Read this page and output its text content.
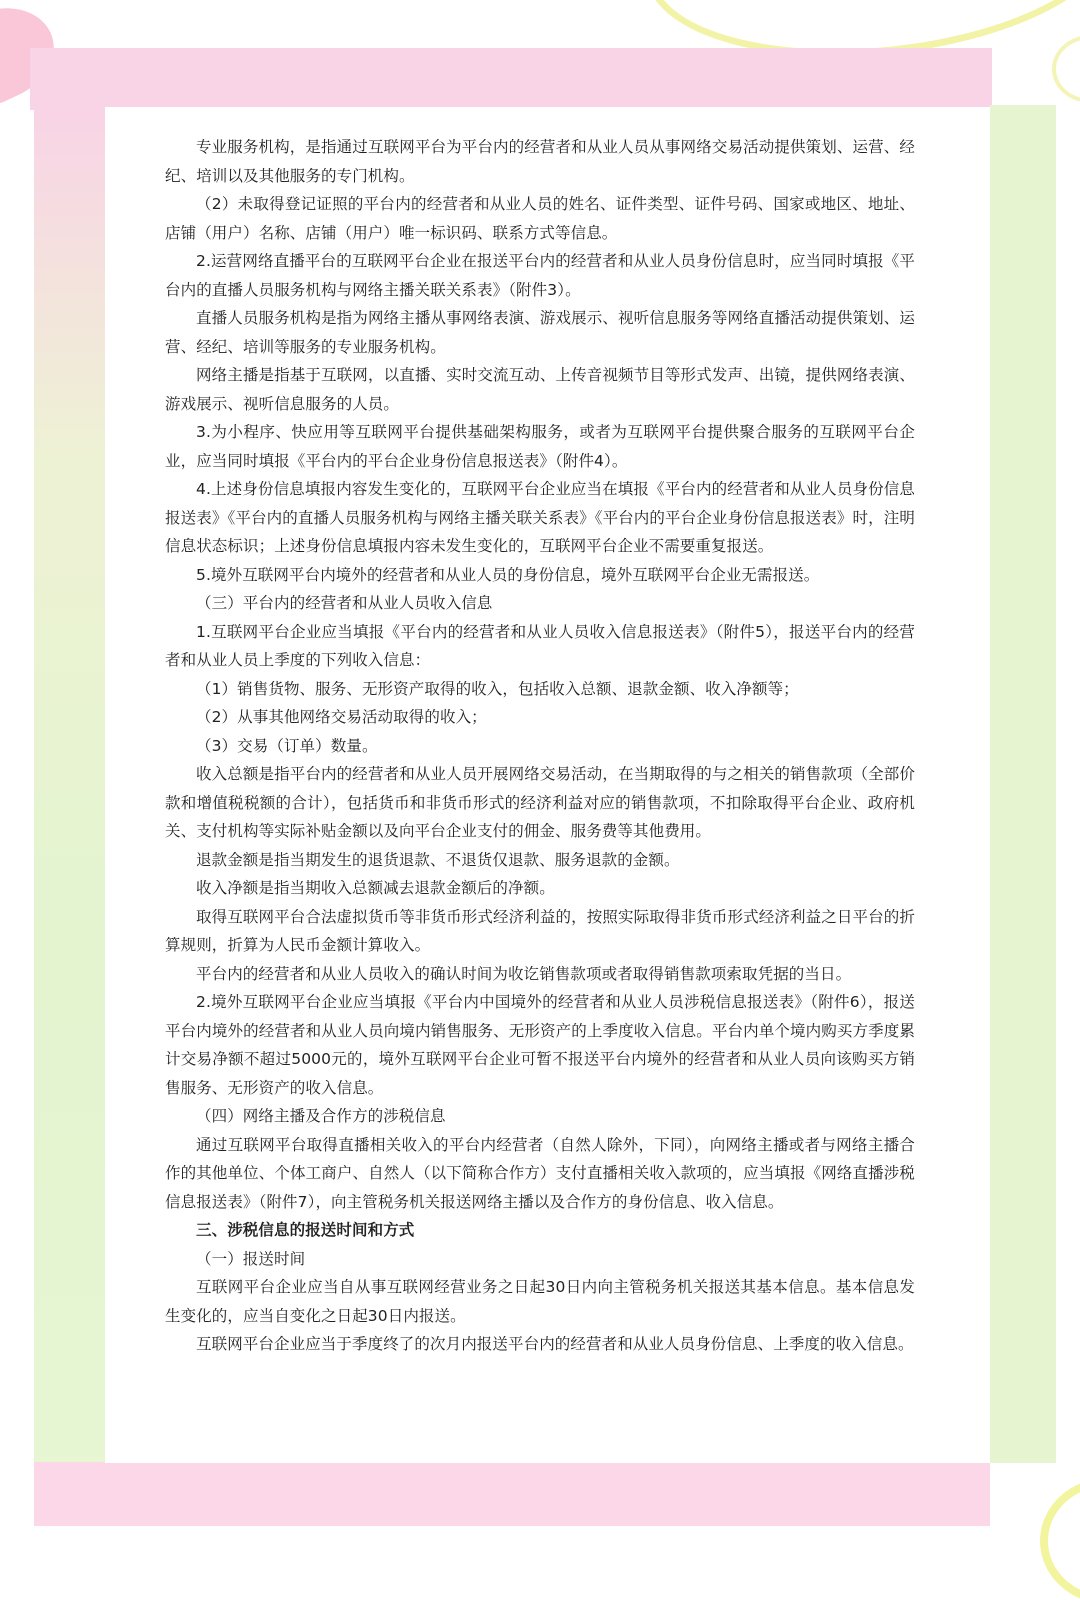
专业服务机构，是指通过互联网平台为平台内的经营者和从业人员从事网络交易活动提供策划、运营、经纪、培训以及其他服务的专门机构。

（2）未取得登记证照的平台内的经营者和从业人员的姓名、证件类型、证件号码、国家或地区、地址、店铺（用户）名称、店铺（用户）唯一标识码、联系方式等信息。

2.运营网络直播平台的互联网平台企业在报送平台内的经营者和从业人员身份信息时，应当同时填报《平台内的直播人员服务机构与网络主播关联关系表》（附件3）。

直播人员服务机构是指为网络主播从事网络表演、游戏展示、视听信息服务等网络直播活动提供策划、运营、经纪、培训等服务的专业服务机构。

网络主播是指基于互联网，以直播、实时交流互动、上传音视频节目等形式发声、出镜，提供网络表演、游戏展示、视听信息服务的人员。

3.为小程序、快应用等互联网平台提供基础架构服务，或者为互联网平台提供聚合服务的互联网平台企业，应当同时填报《平台内的平台企业身份信息报送表》（附件4）。

4.上述身份信息填报内容发生变化的，互联网平台企业应当在填报《平台内的经营者和从业人员身份信息报送表》《平台内的直播人员服务机构与网络主播关联关系表》《平台内的平台企业身份信息报送表》时，注明信息状态标识；上述身份信息填报内容未发生变化的，互联网平台企业不需要重复报送。

5.境外互联网平台内境外的经营者和从业人员的身份信息，境外互联网平台企业无需报送。

（三）平台内的经营者和从业人员收入信息

1.互联网平台企业应当填报《平台内的经营者和从业人员收入信息报送表》（附件5），报送平台内的经营者和从业人员上季度的下列收入信息：

（1）销售货物、服务、无形资产取得的收入，包括收入总额、退款金额、收入净额等；

（2）从事其他网络交易活动取得的收入；

（3）交易（订单）数量。

收入总额是指平台内的经营者和从业人员开展网络交易活动，在当期取得的与之相关的销售款项（全部价款和增值税税额的合计），包括货币和非货币形式的经济利益对应的销售款项，不扣除取得平台企业、政府机关、支付机构等实际补贴金额以及向平台企业支付的佣金、服务费等其他费用。

退款金额是指当期发生的退货退款、不退货仅退款、服务退款的金额。

收入净额是指当期收入总额减去退款金额后的净额。

取得互联网平台合法虚拟货币等非货币形式经济利益的，按照实际取得非货币形式经济利益之日平台的折算规则，折算为人民币金额计算收入。

平台内的经营者和从业人员收入的确认时间为收讫销售款项或者取得销售款项索取凭据的当日。

2.境外互联网平台企业应当填报《平台内中国境外的经营者和从业人员涉税信息报送表》（附件6），报送平台内境外的经营者和从业人员向境内销售服务、无形资产的上季度收入信息。平台内单个境内购买方季度累计交易净额不超过5000元的，境外互联网平台企业可暂不报送平台内境外的经营者和从业人员向该购买方销售服务、无形资产的收入信息。

（四）网络主播及合作方的涉税信息

通过互联网平台取得直播相关收入的平台内经营者（自然人除外，下同），向网络主播或者与网络主播合作的其他单位、个体工商户、自然人（以下简称合作方）支付直播相关收入款项的，应当填报《网络直播涉税信息报送表》（附件7），向主管税务机关报送网络主播以及合作方的身份信息、收入信息。

三、涉税信息的报送时间和方式

（一）报送时间

互联网平台企业应当自从事互联网经营业务之日起30日内向主管税务机关报送其基本信息。基本信息发生变化的，应当自变化之日起30日内报送。

互联网平台企业应当于季度终了的次月内报送平台内的经营者和从业人员身份信息、上季度的收入信息。
